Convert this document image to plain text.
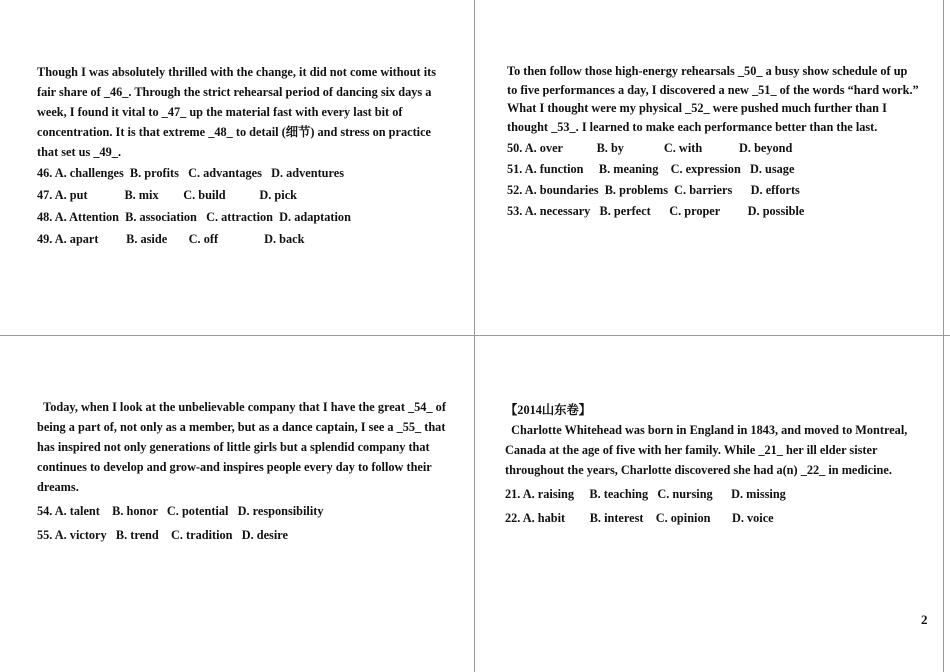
Though I was absolutely thrilled with the change, it did not come without its fair share of _46_. Through the strict rehearsal period of dancing six days a week, I found it vital to _47_ up the material fast with every last bit of concentration. It is that extreme _48_ to detail (细节) and stress on practice that set us _49_.

46. A. challenges  B. profits   C. advantages   D. adventures

47. A. put            B. mix        C. build           D. pick

48. A. Attention  B. association   C. attraction  D. adaptation

49. A. apart         B. aside       C. off               D. back

To then follow those high-energy rehearsals _50_ a busy show schedule of up to five performances a day, I discovered a new _51_ of the words “hard work.” What I thought were my physical _52_ were pushed much further than I thought _53_. I learned to make each performance better than the last.

50. A. over           B. by             C. with            D. beyond

51. A. function     B. meaning    C. expression   D. usage

52. A. boundaries  B. problems  C. barriers      D. efforts

53. A. necessary   B. perfect      C. proper         D. possible

Today, when I look at the unbelievable company that I have the great _54_ of being a part of, not only as a member, but as a dance captain, I see a _55_ that has inspired not only generations of little girls but a splendid company that continues to develop and grow-and inspires people every day to follow their dreams.

54. A. talent    B. honor   C. potential   D. responsibility

55. A. victory   B. trend    C. tradition   D. desire

【2014山东卷】

Charlotte Whitehead was born in England in 1843, and moved to Montreal, Canada at the age of five with her family. While _21_ her ill elder sister throughout the years, Charlotte discovered she had a(n) _22_ in medicine.

21. A. raising     B. teaching   C. nursing      D. missing

22. A. habit        B. interest    C. opinion       D. voice

2
